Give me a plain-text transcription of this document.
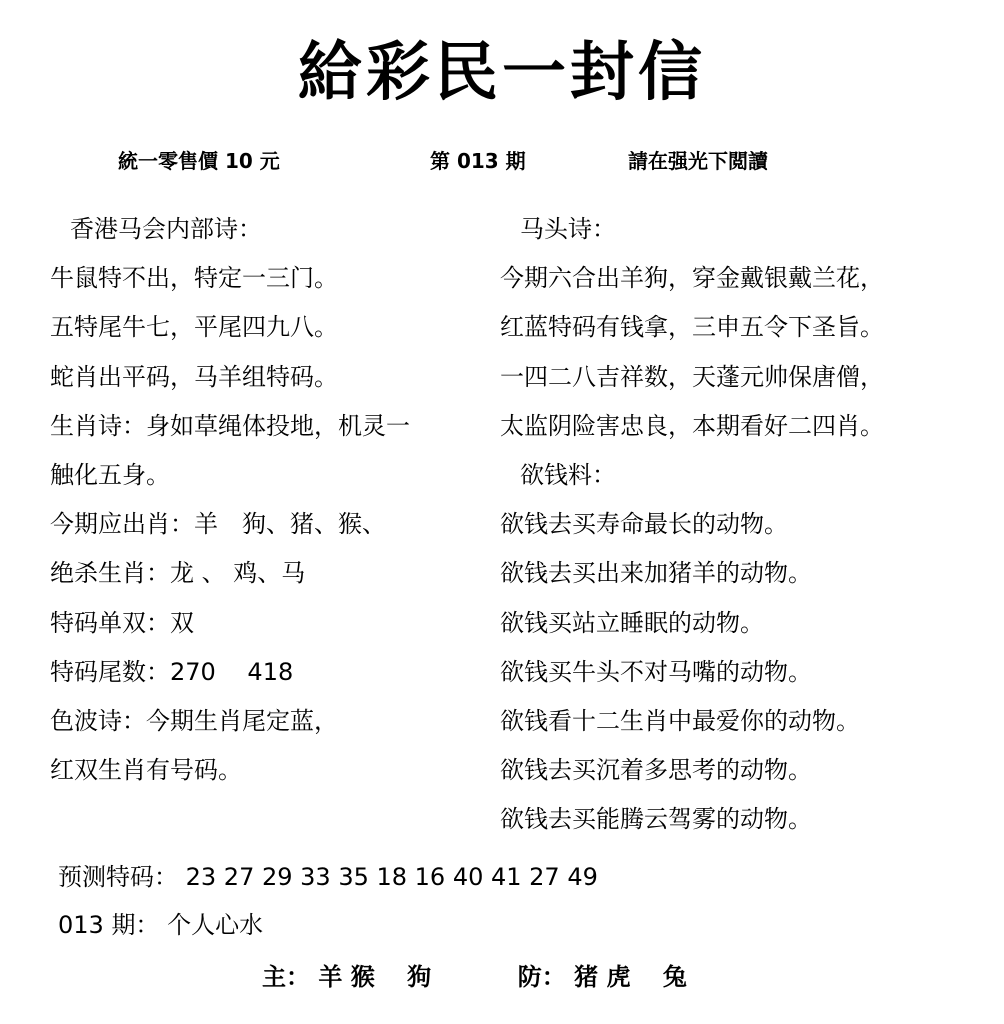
給彩民一封信
統一零售價 10 元	第 013 期	請在强光下閲讀
香港马会内部诗：
牛鼠特不出，特定一三门。
五特尾牛七，平尾四九八。
蛇肖出平码，马羊组特码。
生肖诗：身如草绳体投地，机灵一
触化五身。
今期应出肖：羊　狗、猪、猴、
绝杀生肖：龙 、 鸡、马
特码单双：双
特码尾数：270　 418
色波诗：今期生肖尾定蓝，
红双生肖有号码。
马头诗：
今期六合出羊狗，穿金戴银戴兰花，
红蓝特码有钱拿，三申五令下圣旨。
一四二八吉祥数，天蓬元帅保唐僧，
太监阴险害忠良，本期看好二四肖。
欲钱料：
欲钱去买寿命最长的动物。
欲钱去买出来加猪羊的动物。
欲钱买站立睡眠的动物。
欲钱买牛头不对马嘴的动物。
欲钱看十二生肖中最爱你的动物。
欲钱去买沉着多思考的动物。
欲钱去买能腾云驾雾的动物。
预测特码： 23 27 29 33 35 18 16 40 41 27 49
013 期： 个人心水
主： 羊 猴　 狗	防： 猪 虎　 兔
